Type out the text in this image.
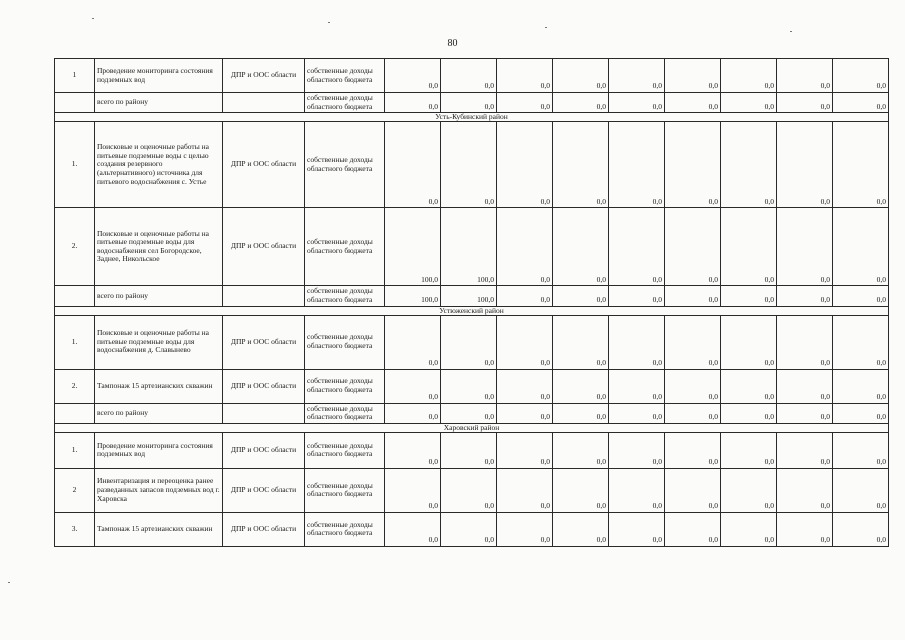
80
1	Проведение мониторинга состояния подземных вод	ДПР и ООС области	собственные доходы областного бюджета	0,0	0,0	0,0	0,0	0,0	0,0	0,0	0,0	0,0
	всего по району		собственные доходы областного бюджета	0,0	0,0	0,0	0,0	0,0	0,0	0,0	0,0	0,0
Усть-Кубинский район												
1.	Поисковые и оценочные работы на питьевые подземные воды с целью создания резервного (альтернативного) источника для питьевого водоснабжения с. Устье	ДПР и ООС области	собственные доходы областного бюджета	0,0	0,0	0,0	0,0	0,0	0,0	0,0	0,0	0,0
2.	Поисковые и оценочные работы на питьевые подземные воды для водоснабжения сел Богородское, Заднее, Никольское	ДПР и ООС области	собственные доходы областного бюджета	100,0	100,0	0,0	0,0	0,0	0,0	0,0	0,0	0,0
	всего по району		собственные доходы областного бюджета	100,0	100,0	0,0	0,0	0,0	0,0	0,0	0,0	0,0
Устюженский район												
1.	Поисковые и оценочные работы на питьевые подземные воды для водоснабжения д. Славынево	ДПР и ООС области	собственные доходы областного бюджета	0,0	0,0	0,0	0,0	0,0	0,0	0,0	0,0	0,0
2.	Тампонаж 15 артезианских скважин	ДПР и ООС области	собственные доходы областного бюджета	0,0	0,0	0,0	0,0	0,0	0,0	0,0	0,0	0,0
	всего по району		собственные доходы областного бюджета	0,0	0,0	0,0	0,0	0,0	0,0	0,0	0,0	0,0
Харовский район												
1.	Проведение мониторинга состояния подземных вод	ДПР и ООС области	собственные доходы областного бюджета	0,0	0,0	0,0	0,0	0,0	0,0	0,0	0,0	0,0
2	Инвентаризация и переоценка ранее разведанных запасов подземных вод г. Харовска	ДПР и ООС области	собственные доходы областного бюджета	0,0	0,0	0,0	0,0	0,0	0,0	0,0	0,0	0,0
3.	Тампонаж 15 артезианских скважин	ДПР и ООС области	собственные доходы областного бюджета	0,0	0,0	0,0	0,0	0,0	0,0	0,0	0,0	0,0
